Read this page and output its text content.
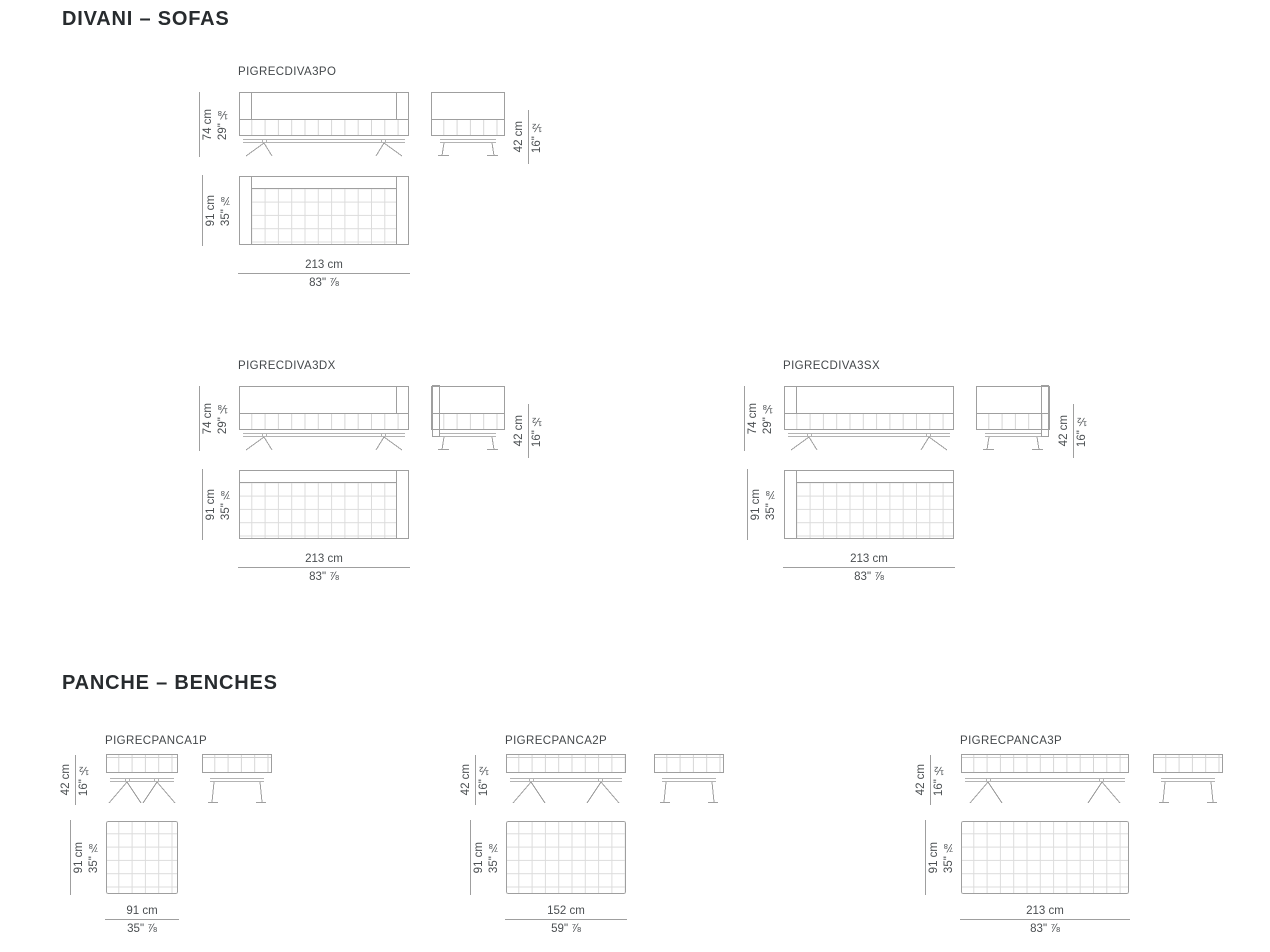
DIVANI – SOFAS
PIGRECDIVA3PO
74 cm 29" ⅛	42 cm 16" ½
91 cm 35" ⅞
213 cm
83" ⅞
PIGRECDIVA3DX
74 cm 29" ⅛	42 cm 16" ½
91 cm 35" ⅞
213 cm
83" ⅞
PIGRECDIVA3SX
74 cm 29" ⅛	42 cm 16" ½
91 cm 35" ⅞
213 cm
83" ⅞
PANCHE – BENCHES
PIGRECPANCA1P
42 cm 16" ½
91 cm 35" ⅞
91 cm
35" ⅞
PIGRECPANCA2P
42 cm 16" ½
91 cm 35" ⅞
152 cm
59" ⅞
PIGRECPANCA3P
42 cm 16" ½
91 cm 35" ⅞
213 cm
83" ⅞
